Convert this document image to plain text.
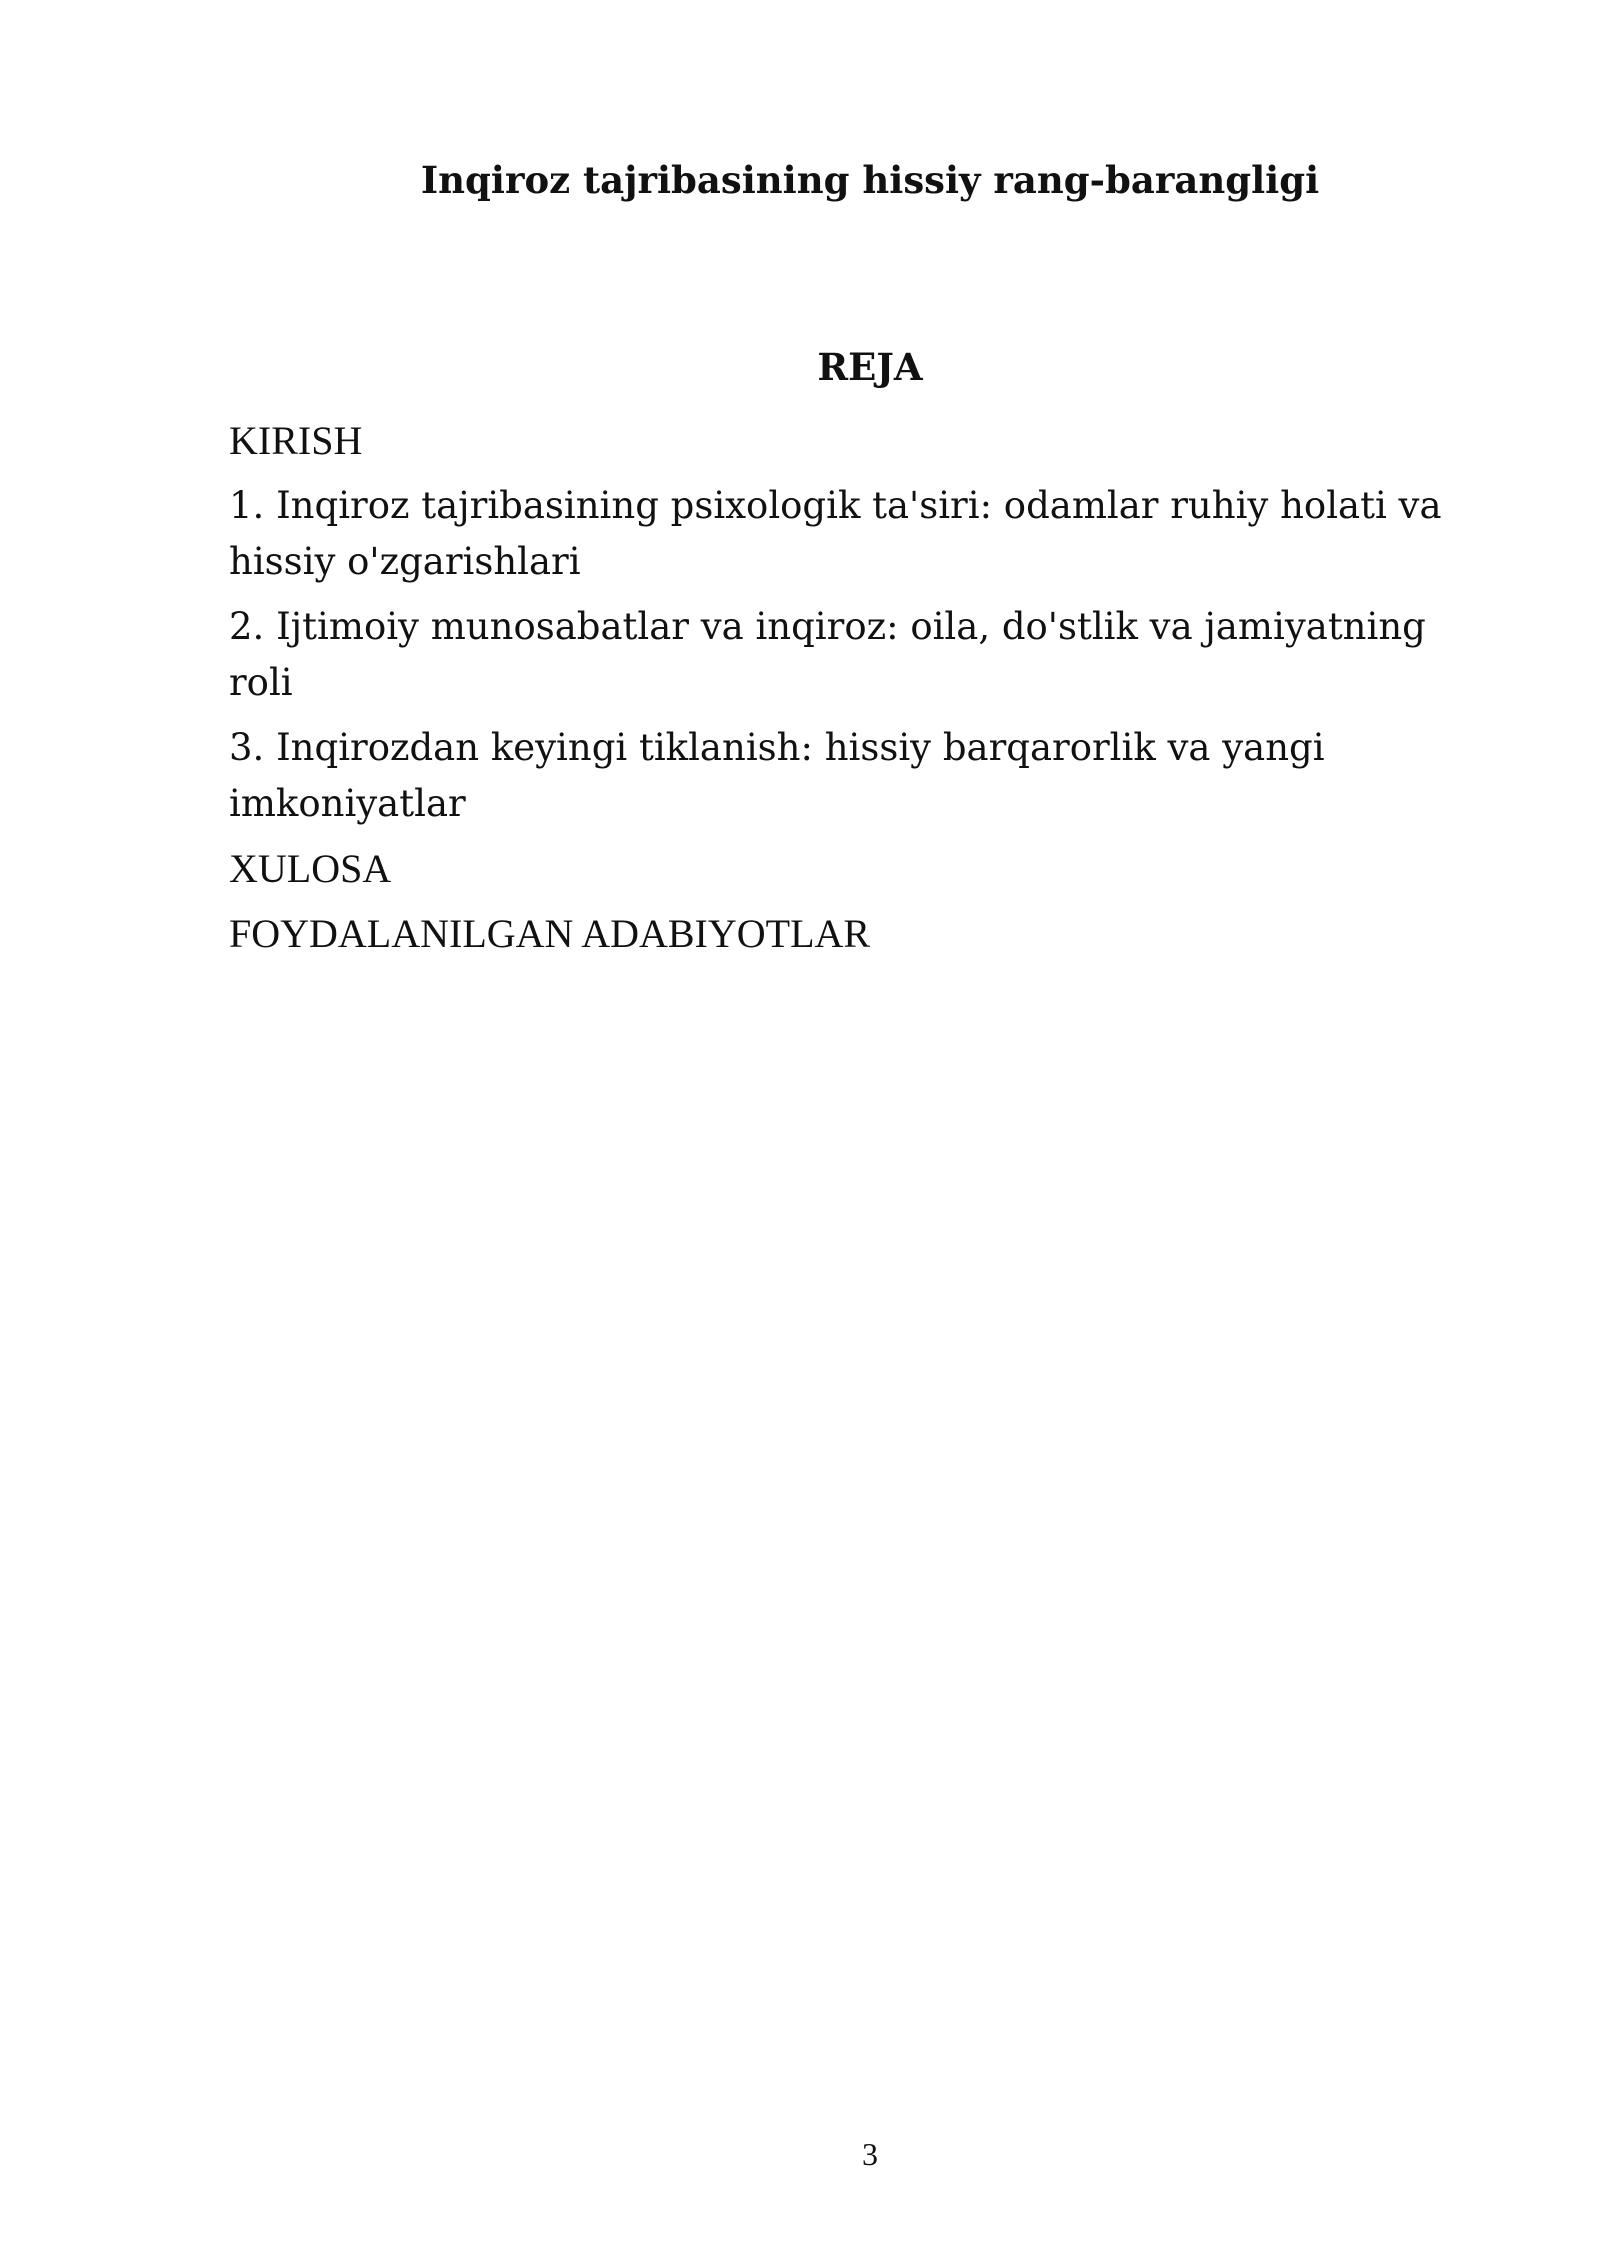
Inqiroz tajribasining hissiy rang-barangligi
REJA
KIRISH
1. Inqiroz tajribasining psixologik ta'siri: odamlar ruhiy holati va hissiy o'zgarishlari
2. Ijtimoiy munosabatlar va inqiroz: oila, do'stlik va jamiyatning roli
3. Inqirozdan keyingi tiklanish: hissiy barqarorlik va yangi imkoniyatlar
XULOSA
FOYDALANILGAN ADABIYOTLAR
3
